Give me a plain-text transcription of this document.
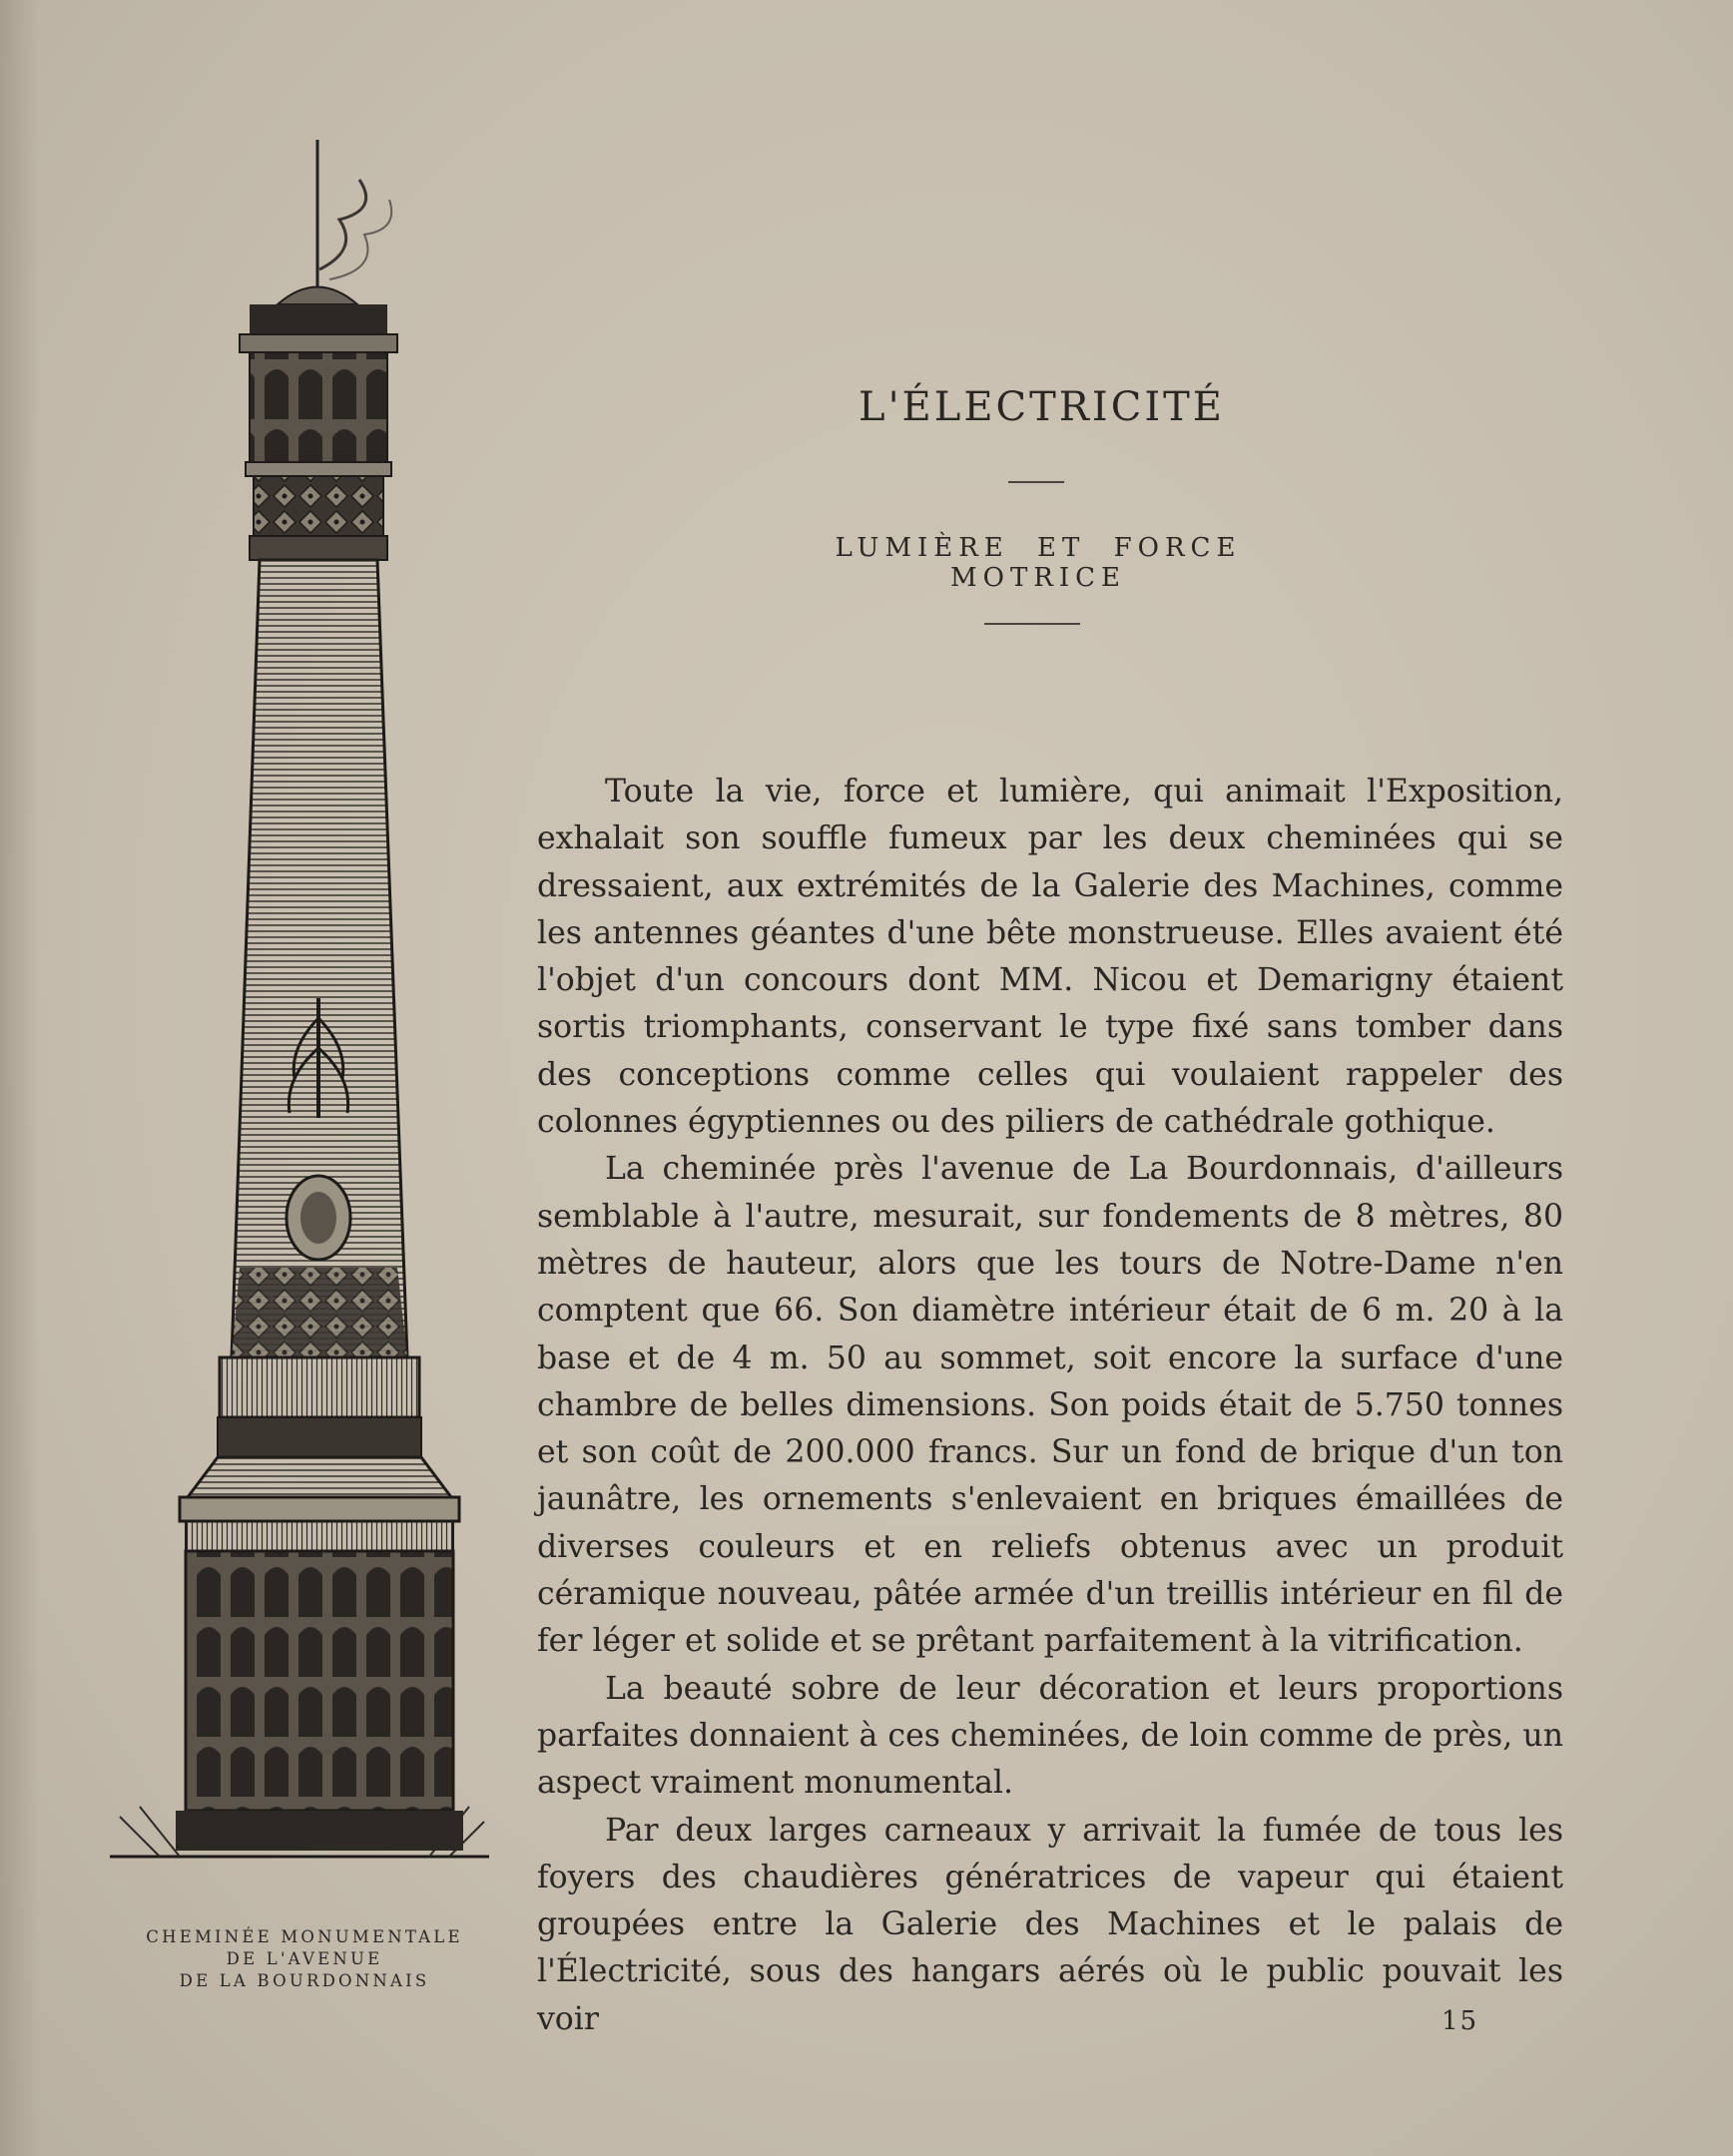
L'ÉLECTRICITÉ
LUMIÈRE ET FORCE MOTRICE

Toute la vie, force et lumière, qui animait l'Exposition, exhalait son souffle fumeux par les deux cheminées qui se dressaient, aux extrémités de la Galerie des Machines, comme les antennes géantes d'une bête monstrueuse. Elles avaient été l'objet d'un concours dont MM. Nicou et Demarigny étaient sortis triomphants, conservant le type fixé sans tomber dans des conceptions comme celles qui voulaient rappeler des colonnes égyptiennes ou des piliers de cathédrale gothique.

La cheminée près l'avenue de La Bourdonnais, d'ailleurs semblable à l'autre, mesurait, sur fondements de 8 mètres, 80 mètres de hauteur, alors que les tours de Notre-Dame n'en comptent que 66. Son diamètre intérieur était de 6 m. 20 à la base et de 4 m. 50 au sommet, soit encore la surface d'une chambre de belles dimensions. Son poids était de 5.750 tonnes et son coût de 200.000 francs. Sur un fond de brique d'un ton jaunâtre, les ornements s'enlevaient en briques émaillées de diverses couleurs et en reliefs obtenus avec un produit céramique nouveau, pâtée armée d'un treillis intérieur en fil de fer léger et solide et se prêtant parfaitement à la vitrification.

La beauté sobre de leur décoration et leurs proportions parfaites donnaient à ces cheminées, de loin comme de près, un aspect vraiment monumental.

Par deux larges carneaux y arrivait la fumée de tous les foyers des chaudières génératrices de vapeur qui étaient groupées entre la Galerie des Machines et le palais de l'Électricité, sous des hangars aérés où le public pouvait les voir	15
CHEMINÉE MONUMENTALE
DE L'AVENUE
DE LA BOURDONNAIS
